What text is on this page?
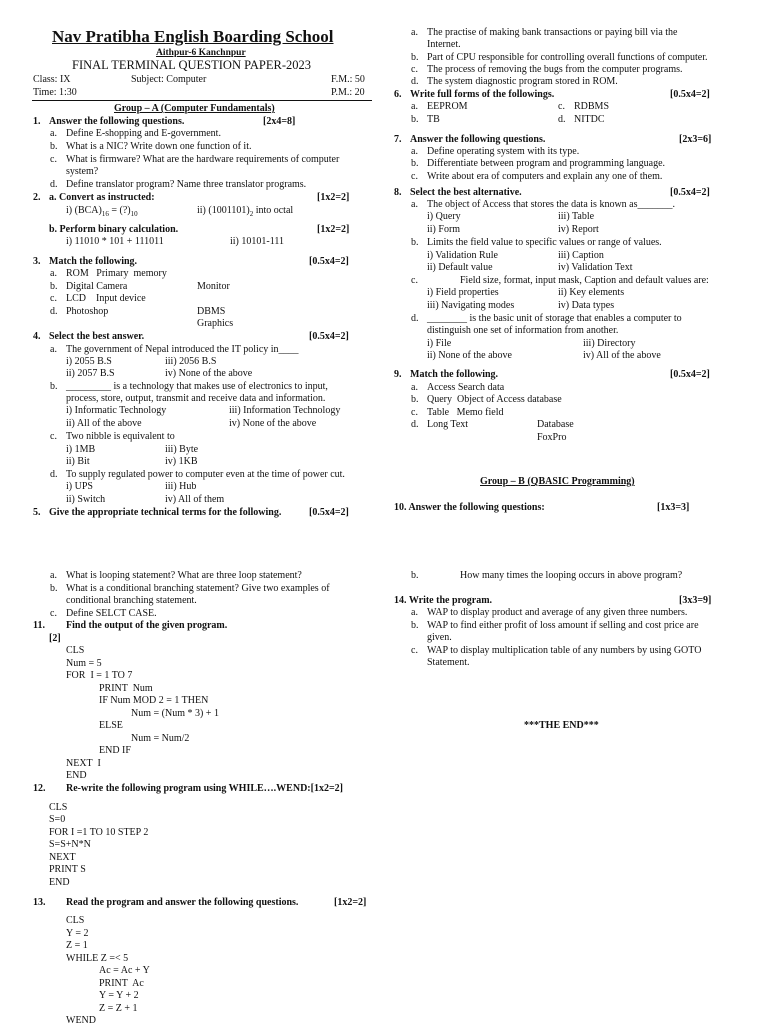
Nav Pratibha English Boarding School
Aithpur-6 Kanchnpur
FINAL TERMINAL QUESTION PAPER-2023
Class: IX	Subject: Computer	F.M.: 50
Time: 1:30	P.M.: 20
Group – A (Computer Fundamentals)
1. Answer the following questions.	[2x4=8]
a. Define E-shopping and E-government.
b. What is a NIC? Write down one function of it.
c. What is firmware? What are the hardware requirements of computer
system?
d. Define translator program? Name three translator programs.
2. a. Convert as instructed:	[1x2=2]
i) $(BCA)_{16}$ = $(?)_{10}$	ii) $(1001101)_2$ into octal
b. Perform binary calculation.	[1x2=2]
i) 11010 * 101 + 111011	ii) 10101-111
3. Match the following.	[0.5x4=2]
a. ROM   Primary  memory
b. Digital Camera	Monitor
c. LCD    Input device
d. Photoshop	DBMS
Graphics
4. Select the best answer.	[0.5x4=2]
a. The government of Nepal introduced the IT policy in____
i) 2055 B.S	iii) 2056 B.S
ii) 2057 B.S	iv) None of the above
b. _________ is a technology that makes use of electronics to input,
process, store, output, transmit and receive data and information.
i) Informatic Technology	iii) Information Technology
ii) All of the above	iv) None of the above
c. Two nibble is equivalent to
i) 1MB	iii) Byte
ii) Bit	iv) 1KB
d. To supply regulated power to computer even at the time of power cut.
i) UPS	iii) Hub
ii) Switch	iv) All of them
5. Give the appropriate technical terms for the following.	[0.5x4=2]
a. The practise of making bank transactions or paying bill via the
Internet.
b. Part of CPU responsible for controlling overall functions of computer.
c. The process of removing the bugs from the computer programs.
d. The system diagnostic program stored in ROM.
6. Write full forms of the followings.	[0.5x4=2]
a. EEPROM	c. RDBMS
b. TB	d. NITDC
7. Answer the following questions.	[2x3=6]
a. Define operating system with its type.
b. Differentiate between program and programming language.
c. Write about era of computers and explain any one of them.
8. Select the best alternative.	[0.5x4=2]
a. The object of Access that stores the data is known as_______.
i) Query	iii) Table
ii) Form	iv) Report
b. Limits the field value to specific values or range of values.
i) Validation Rule	iii) Caption
ii) Default value	iv) Validation Text
c.	Field size, format, input mask, Caption and default values are:
i) Field properties	ii) Key elements
iii) Navigating modes	iv) Data types
d. ________ is the basic unit of storage that enables a computer to
distinguish one set of information from another.
i) File	iii) Directory
ii) None of the above	iv) All of the above
9. Match the following.	[0.5x4=2]
a. Access Search data
b. Query  Object of Access database
c. Table   Memo field
d. Long Text	Database
FoxPro
Group – B (QBASIC Programming)
10. Answer the following questions:	[1x3=3]
a. What is looping statement? What are three loop statement?
b. What is a conditional branching statement? Give two examples of
conditional branching statement.
c. Define SELCT CASE.
11. Find the output of the given program.
[2]
CLS
Num = 5
FOR  I = 1 TO 7
PRINT  Num
IF Num MOD 2 = 1 THEN
Num = (Num * 3) + 1
ELSE
Num = Num/2
END IF
NEXT  I
END
12. Re-write the following program using WHILE….WEND:[1x2=2]
CLS
S=0
FOR I =1 TO 10 STEP 2
S=S+N*N
NEXT
PRINT S
END
13. Read the program and answer the following questions.	[1x2=2]
CLS
Y = 2
Z = 1
WHILE Z =< 5
Ac = Ac + Y
PRINT  Ac
Y = Y + 2
Z = Z + 1
WEND
b.	How many times the looping occurs in above program?
14. Write the program.	[3x3=9]
a. WAP to display product and average of any given three numbers.
b. WAP to find either profit of loss amount if selling and cost price are
given.
c. WAP to display multiplication table of any numbers by using GOTO
Statement.
***THE END***
